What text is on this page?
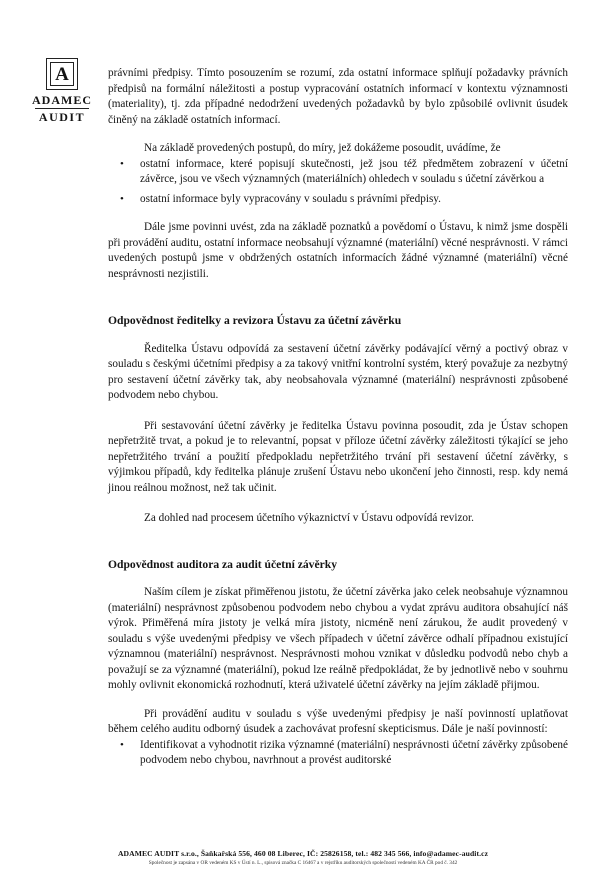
A
ADAMEC
AUDIT

právními předpisy. Tímto posouzením se rozumí, zda ostatní informace splňují požadavky právních předpisů na formální náležitosti a postup vypracování ostatních informací v kontextu významnosti (materiality), tj. zda případné nedodržení uvedených požadavků by bylo způsobilé ovlivnit úsudek činěný na základě ostatních informací.

Na základě provedených postupů, do míry, jež dokážeme posoudit, uvádíme, že

• ostatní informace, které popisují skutečnosti, jež jsou též předmětem zobrazení v účetní závěrce, jsou ve všech významných (materiálních) ohledech v souladu s účetní závěrkou a
• ostatní informace byly vypracovány v souladu s právními předpisy.

Dále jsme povinni uvést, zda na základě poznatků a povědomí o Ústavu, k nimž jsme dospěli při provádění auditu, ostatní informace neobsahují významné (materiální) věcné nesprávnosti. V rámci uvedených postupů jsme v obdržených ostatních informacích žádné významné (materiální) věcné nesprávnosti nezjistili.

Odpovědnost ředitelky a revizora Ústavu za účetní závěrku

Ředitelka Ústavu odpovídá za sestavení účetní závěrky podávající věrný a poctivý obraz v souladu s českými účetními předpisy a za takový vnitřní kontrolní systém, který považuje za nezbytný pro sestavení účetní závěrky tak, aby neobsahovala významné (materiální) nesprávnosti způsobené podvodem nebo chybou.

Při sestavování účetní závěrky je ředitelka Ústavu povinna posoudit, zda je Ústav schopen nepřetržitě trvat, a pokud je to relevantní, popsat v příloze účetní závěrky záležitosti týkající se jeho nepřetržitého trvání a použití předpokladu nepřetržitého trvání při sestavení účetní závěrky, s výjimkou případů, kdy ředitelka plánuje zrušení Ústavu nebo ukončení jeho činnosti, resp. kdy nemá jinou reálnou možnost, než tak učinit.

Za dohled nad procesem účetního výkaznictví v Ústavu odpovídá revizor.

Odpovědnost auditora za audit účetní závěrky

Naším cílem je získat přiměřenou jistotu, že účetní závěrka jako celek neobsahuje významnou (materiální) nesprávnost způsobenou podvodem nebo chybou a vydat zprávu auditora obsahující náš výrok. Přiměřená míra jistoty je velká míra jistoty, nicméně není zárukou, že audit provedený v souladu s výše uvedenými předpisy ve všech případech v účetní závěrce odhalí případnou existující významnou (materiální) nesprávnost. Nesprávnosti mohou vznikat v důsledku podvodů nebo chyb a považují se za významné (materiální), pokud lze reálně předpokládat, že by jednotlivě nebo v souhrnu mohly ovlivnit ekonomická rozhodnutí, která uživatelé účetní závěrky na jejím základě přijmou.

Při provádění auditu v souladu s výše uvedenými předpisy je naší povinností uplatňovat během celého auditu odborný úsudek a zachovávat profesní skepticismus. Dále je naší povinností:

• Identifikovat a vyhodnotit rizika významné (materiální) nesprávnosti účetní závěrky způsobené podvodem nebo chybou, navrhnout a provést auditorské
ADAMEC AUDIT s.r.o., Šaňkařská 556, 460 08 Liberec, IČ: 25826158, tel.: 482 345 566, info@adamec-audit.cz
Společnost je zapsána v OR vedeném KS v Ústí n. L., spisová značka C 16467 a v rejstříku auditorských společností vedeném KA ČR pod č. 342
